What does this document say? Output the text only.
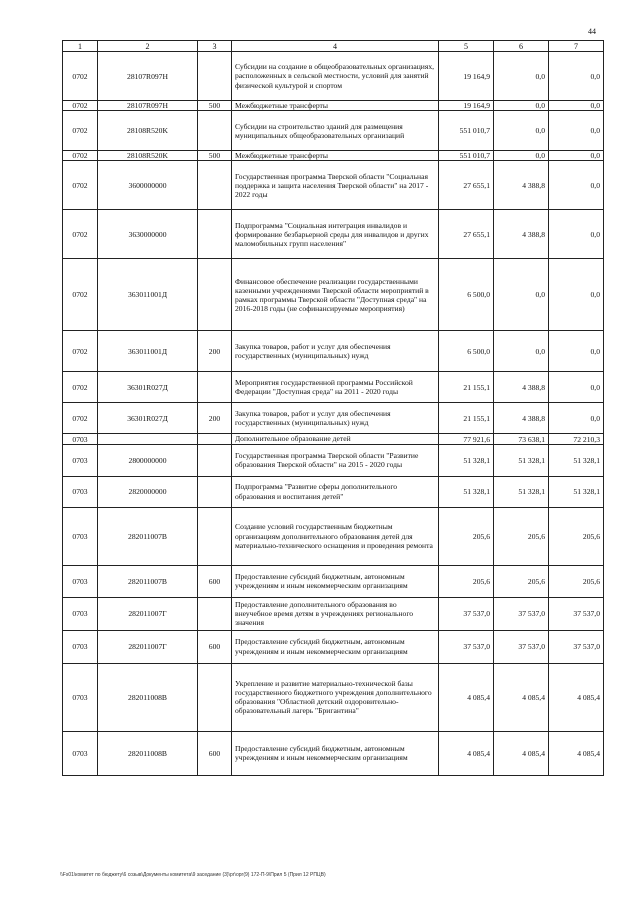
44
1	2	3	4	5	6	7
0702	28107R097H		Субсидии на создание в общеобразовательных организациях, расположенных в сельской местности, условий для занятий физической культурой и спортом	19 164,9	0,0	0,0
0702	28107R097H	500	Межбюджетные трансферты	19 164,9	0,0	0,0
0702	28108R520K		Субсидии на строительство зданий для размещения муниципальных общеобразовательных организаций	551 010,7	0,0	0,0
0702	28108R520K	500	Межбюджетные трансферты	551 010,7	0,0	0,0
0702	3600000000		Государственная программа Тверской области "Социальная поддержка и защита населения Тверской области" на 2017 - 2022 годы	27 655,1	4 388,8	0,0
0702	3630000000		Подпрограмма "Социальная интеграция инвалидов и формирование безбарьерной среды для инвалидов и других маломобильных групп населения"	27 655,1	4 388,8	0,0
0702	363011001Д		Финансовое обеспечение реализации государственными казенными учреждениями Тверской области мероприятий в рамках программы Тверской области "Доступная среда" на 2016-2018 годы (не софинансируемые мероприятия)	6 500,0	0,0	0,0
0702	363011001Д	200	Закупка товаров, работ и услуг для обеспечения государственных (муниципальных) нужд	6 500,0	0,0	0,0
0702	36301R027Д		Мероприятия государственной программы Российской Федерации "Доступная среда" на 2011 - 2020 годы	21 155,1	4 388,8	0,0
0702	36301R027Д	200	Закупка товаров, работ и услуг для обеспечения государственных (муниципальных) нужд	21 155,1	4 388,8	0,0
0703			Дополнительное образование детей	77 921,6	73 638,1	72 210,3
0703	2800000000		Государственная программа Тверской области "Развитие образования Тверской области" на 2015 - 2020 годы	51 328,1	51 328,1	51 328,1
0703	2820000000		Подпрограмма "Развитие сферы дополнительного образования и воспитания детей"	51 328,1	51 328,1	51 328,1
0703	282011007B		Создание условий государственным бюджетным организациям дополнительного образования детей для материально-технического оснащения и проведения ремонта	205,6	205,6	205,6
0703	282011007B	600	Предоставление субсидий бюджетным, автономным учреждениям и иным некоммерческим организациям	205,6	205,6	205,6
0703	282011007Г		Предоставление дополнительного образования во внеучебное время детям в учреждениях регионального значения	37 537,0	37 537,0	37 537,0
0703	282011007Г	600	Предоставление субсидий бюджетным, автономным учреждениям и иным некоммерческим организациям	37 537,0	37 537,0	37 537,0
0703	282011008B		Укрепление и развитие материально-технической базы государственного бюджетного учреждения дополнительного образования "Областной детский оздоровительно-образовательный лагерь "Бригантина"	4 085,4	4 085,4	4 085,4
0703	282011008B	600	Предоставление субсидий бюджетным, автономным учреждениям и иным некоммерческим организациям	4 085,4	4 085,4	4 085,4
\\Fs01\комитет по бюджету\6 созыв\Документы комитета\9 заседание (3)\рг\орг(9) 172-П-9\Прил 5 (Прил 12 РПЦВ)
